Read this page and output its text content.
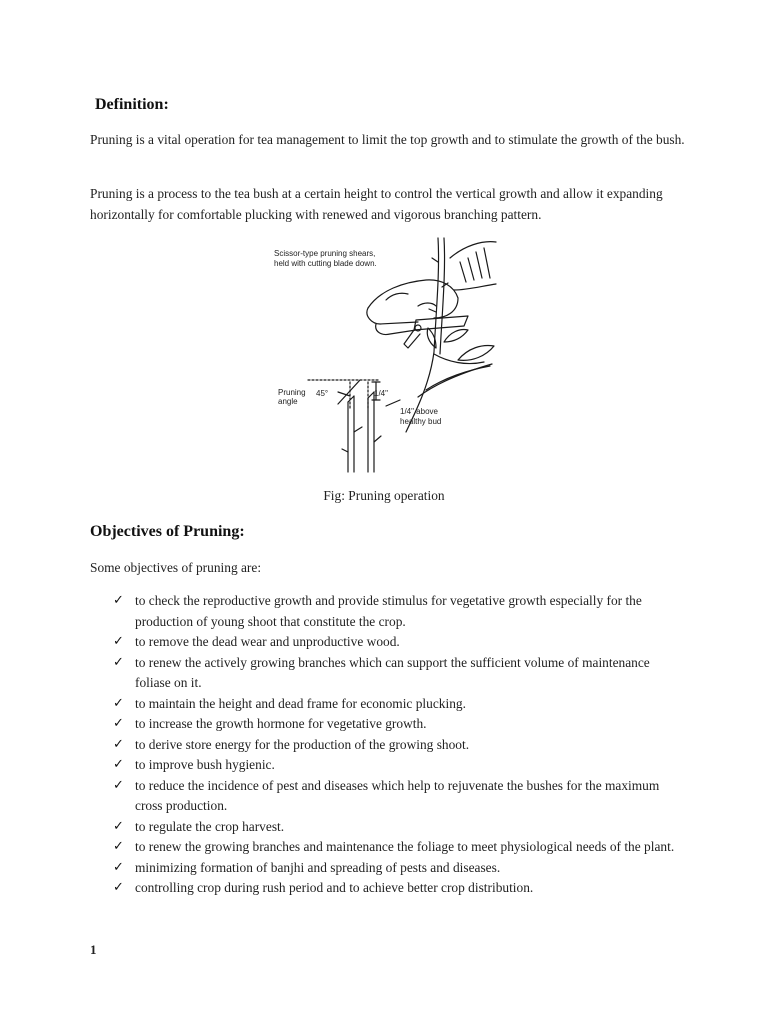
Definition:
Pruning is a vital operation for tea management to limit the top growth and to stimulate the growth of the bush.
Pruning is a process to the tea bush at a certain height to control the vertical growth and allow it expanding horizontally for comfortable plucking with renewed and vigorous branching pattern.
Scissor-type pruning shears,
held with cutting blade down.
Pruning
angle
45°	1/4"
1/4" above
healthy bud
Fig: Pruning operation
Objectives of Pruning:
Some objectives of pruning are:
✓ to check the reproductive growth and provide stimulus for vegetative growth especially for the production of young shoot that constitute the crop.
✓ to remove the dead wear and unproductive wood.
✓ to renew the actively growing branches which can support the sufficient volume of maintenance foliase on it.
✓ to maintain the height and dead frame for economic plucking.
✓ to increase the growth hormone for vegetative growth.
✓ to derive store energy for the production of the growing shoot.
✓ to improve bush hygienic.
✓ to reduce the incidence of pest and diseases which help to rejuvenate the bushes for the maximum cross production.
✓ to regulate the crop harvest.
✓ to renew the growing branches and maintenance the foliage to meet physiological needs of the plant.
✓ minimizing formation of banjhi and spreading of pests and diseases.
✓ controlling crop during rush period and to achieve better crop distribution.
1
